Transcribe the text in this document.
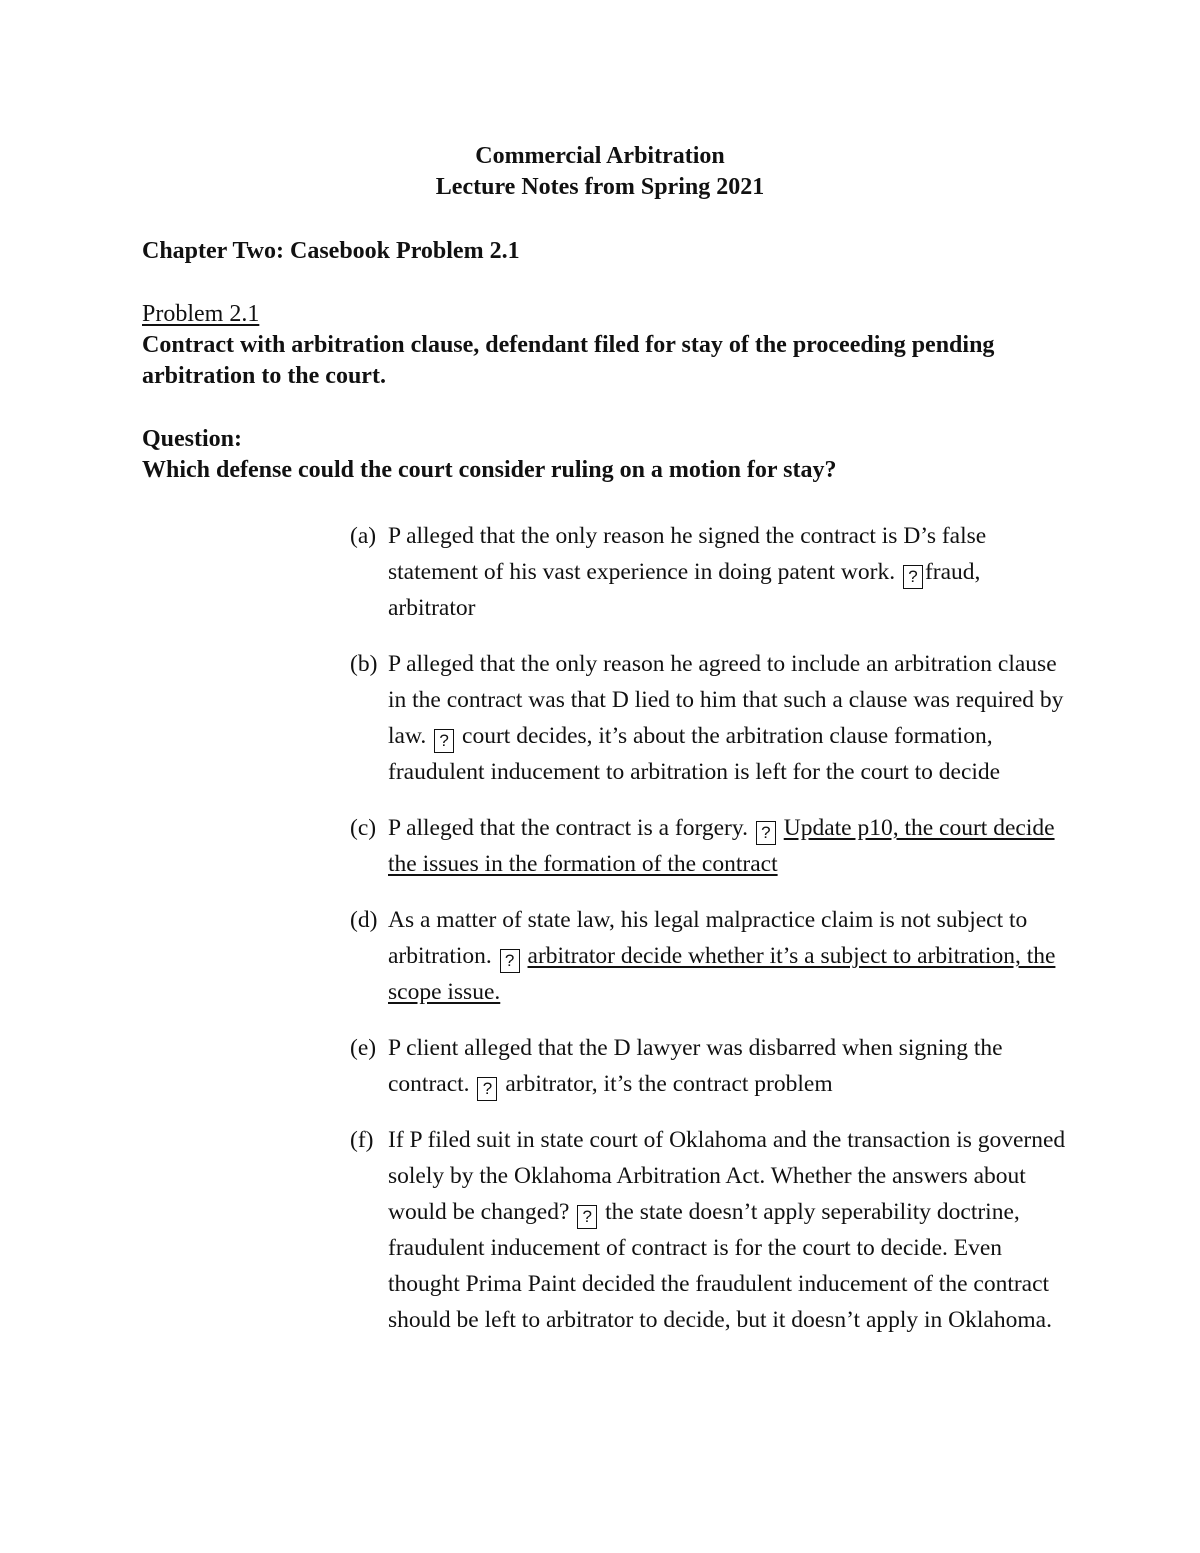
Commercial Arbitration
Lecture Notes from Spring 2021
Chapter Two: Casebook Problem 2.1
Problem 2.1
Contract with arbitration clause, defendant filed for stay of the proceeding pending arbitration to the court.
Question:
Which defense could the court consider ruling on a motion for stay?
(a) P alleged that the only reason he signed the contract is D’s false statement of his vast experience in doing patent work. ? fraud, arbitrator
(b) P alleged that the only reason he agreed to include an arbitration clause in the contract was that D lied to him that such a clause was required by law. ? court decides, it’s about the arbitration clause formation, fraudulent inducement to arbitration is left for the court to decide
(c) P alleged that the contract is a forgery. ? Update p10, the court decide the issues in the formation of the contract
(d) As a matter of state law, his legal malpractice claim is not subject to arbitration. ? arbitrator decide whether it’s a subject to arbitration, the scope issue.
(e) P client alleged that the D lawyer was disbarred when signing the contract. ? arbitrator, it’s the contract problem
(f) If P filed suit in state court of Oklahoma and the transaction is governed solely by the Oklahoma Arbitration Act. Whether the answers about would be changed? ? the state doesn’t apply seperability doctrine, fraudulent inducement of contract is for the court to decide. Even thought Prima Paint decided the fraudulent inducement of the contract should be left to arbitrator to decide, but it doesn’t apply in Oklahoma.
